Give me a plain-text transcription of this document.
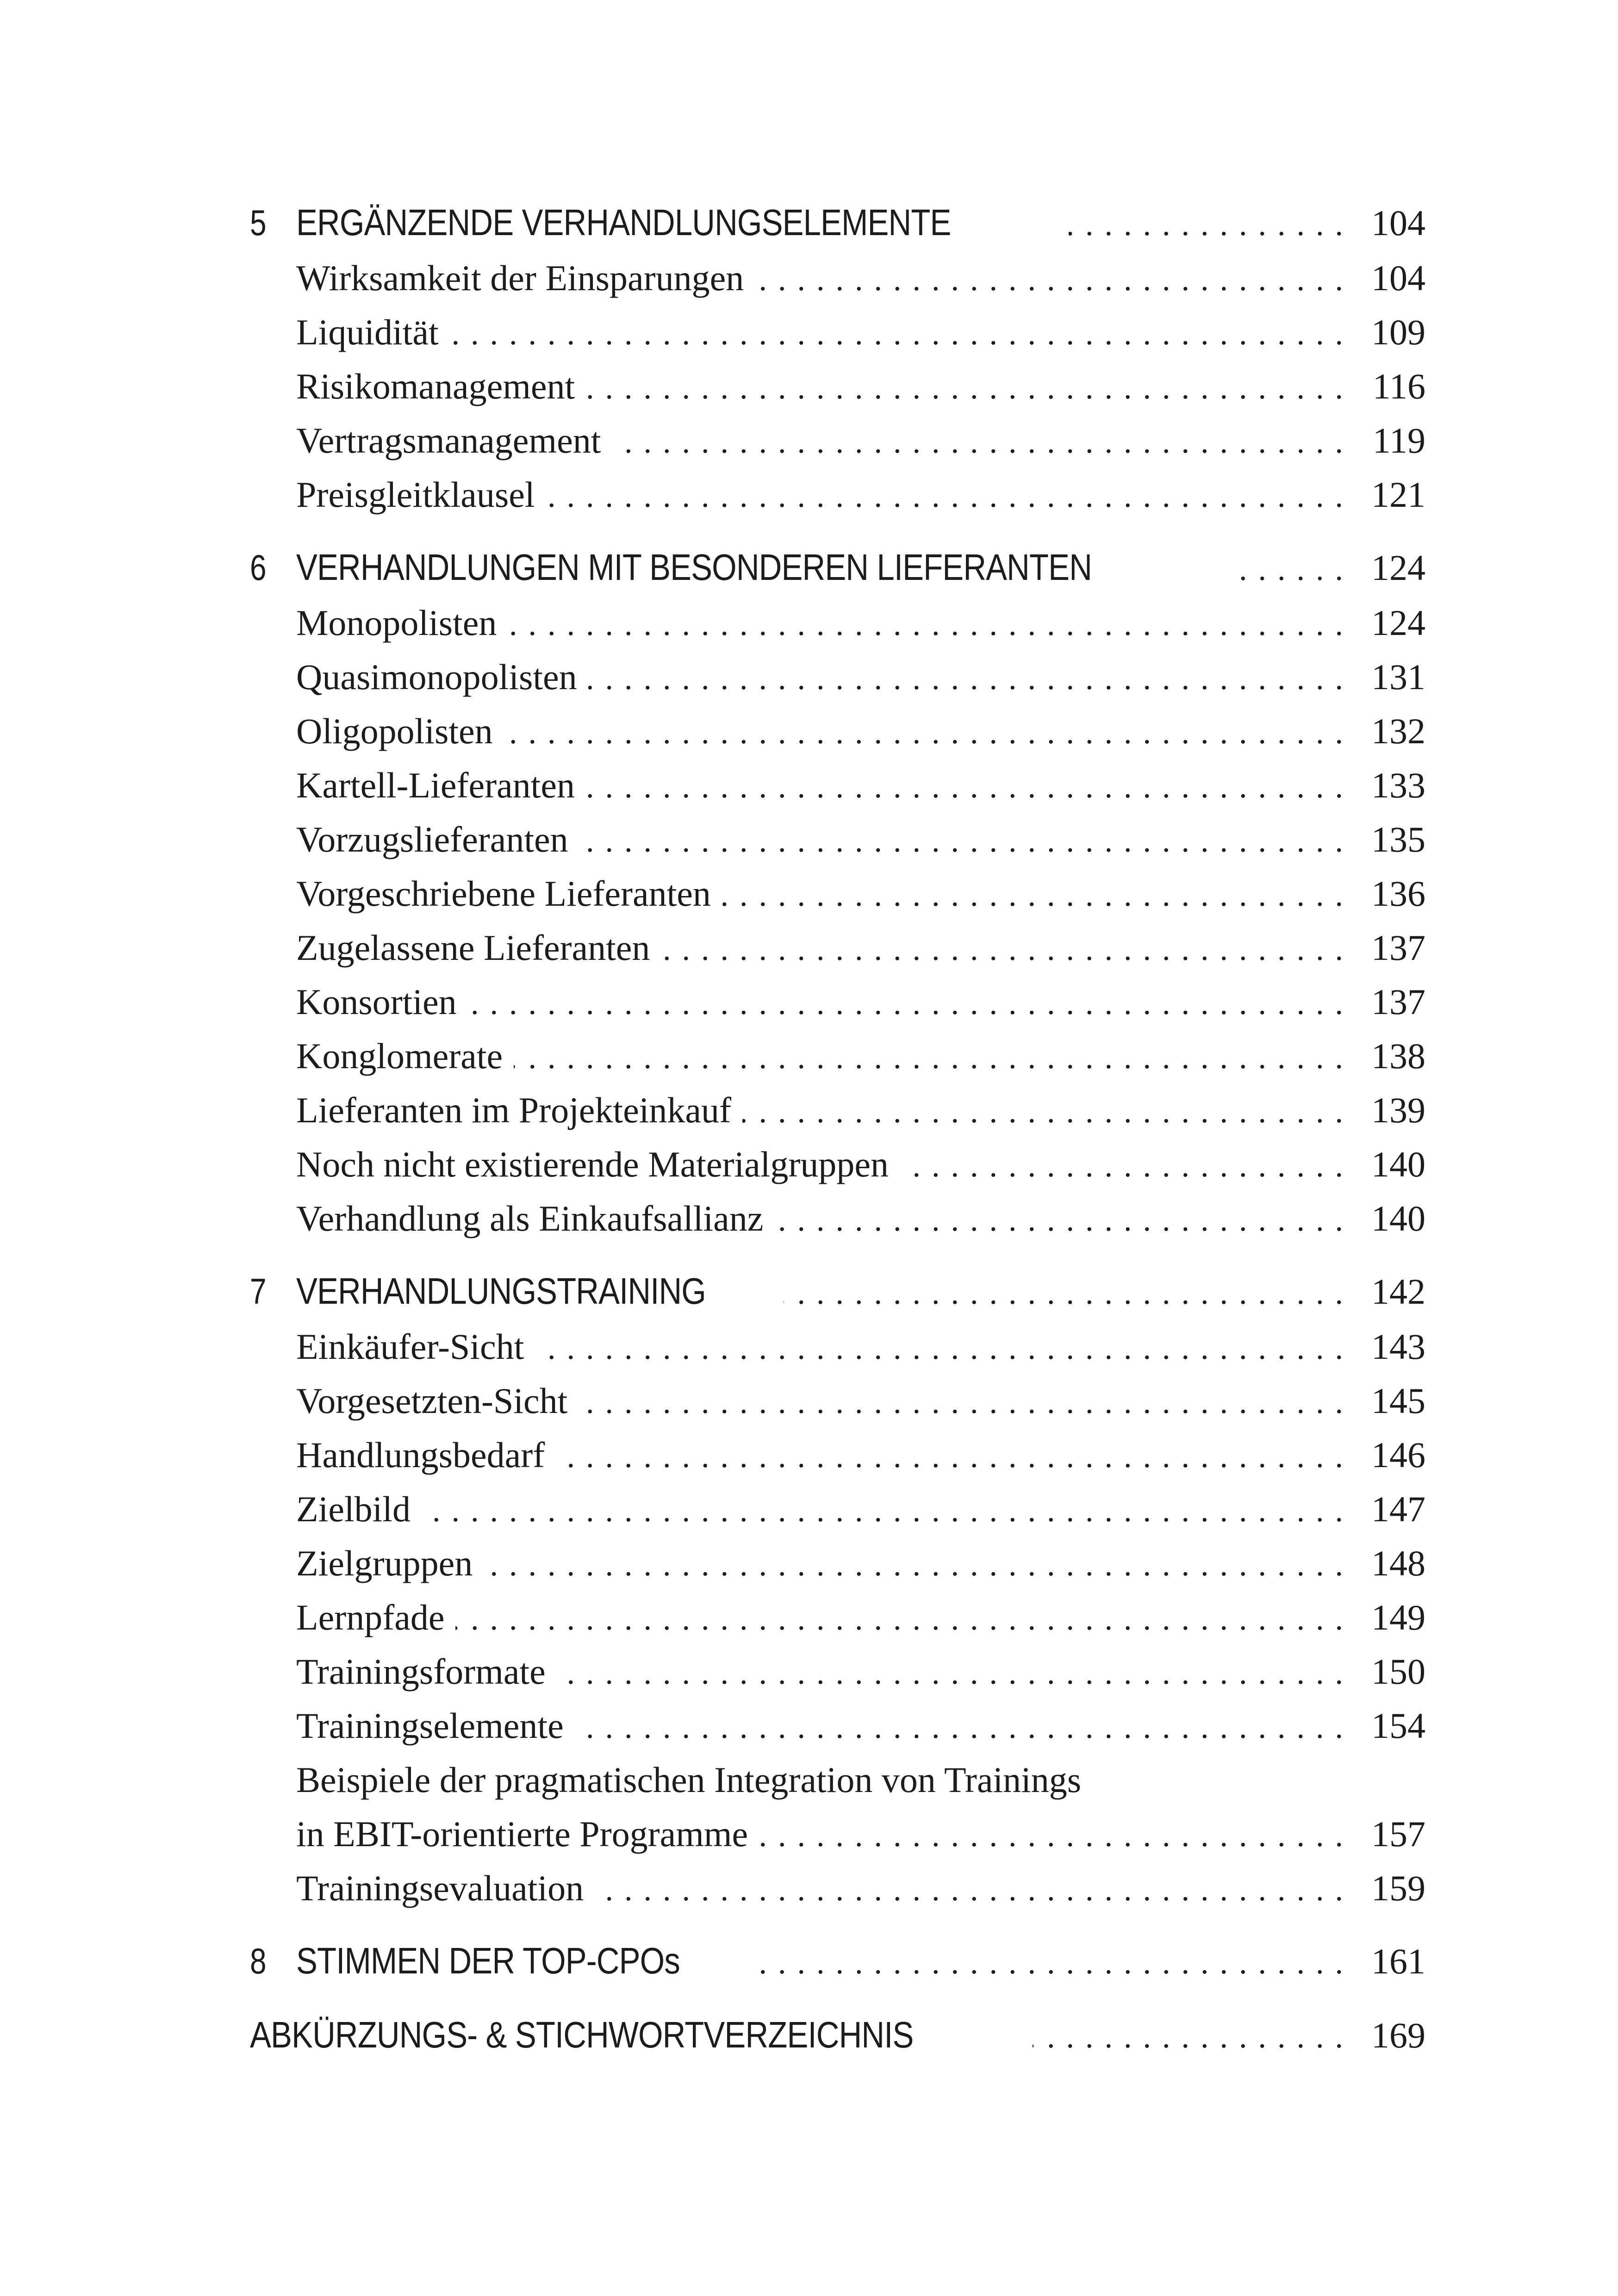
5 ERGÄNZENDE VERHANDLUNGSELEMENTE .....	104
Wirksamkeit der Einsparungen .....	104
Liquidität .....	109
Risikomanagement .....	116
Vertragsmanagement .....	119
Preisgleitklausel .....	121
6 VERHANDLUNGEN MIT BESONDEREN LIEFERANTEN .....	124
Monopolisten .....	124
Quasimonopolisten .....	131
Oligopolisten .....	132
Kartell-Lieferanten .....	133
Vorzugslieferanten .....	135
Vorgeschriebene Lieferanten .....	136
Zugelassene Lieferanten .....	137
Konsortien .....	137
Konglomerate .....	138
Lieferanten im Projekteinkauf .....	139
Noch nicht existierende Materialgruppen .....	140
Verhandlung als Einkaufsallianz .....	140
7 VERHANDLUNGSTRAINING .....	142
Einkäufer-Sicht .....	143
Vorgesetzten-Sicht .....	145
Handlungsbedarf .....	146
Zielbild .....	147
Zielgruppen .....	148
Lernpfade .....	149
Trainingsformate .....	150
Trainingselemente .....	154
Beispiele der pragmatischen Integration von Trainings
in EBIT-orientierte Programme .....	157
Trainingsevaluation .....	159
8 STIMMEN DER TOP-CPOs .....	161
ABKÜRZUNGS- & STICHWORTVERZEICHNIS .....	169
